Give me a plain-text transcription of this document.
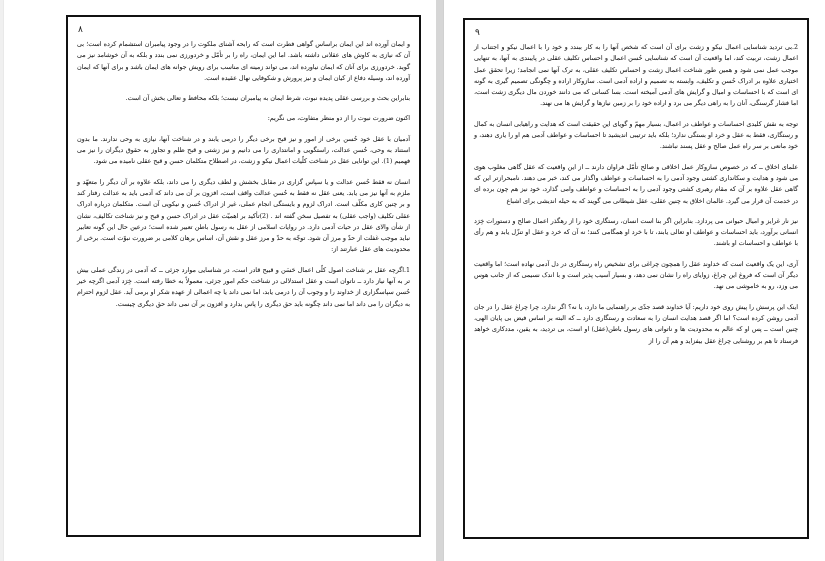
۸

و ایمان آورده اند این ایمان براساس گواهی فطرت است که رابحه آشنای ملکوت را در وجود پیامبران استشمام کرده است؛ بی آن که نیازی به کاوش های عقلانی داشته باشد. اما این ایمان، راه را بر تأمّل و خردورزی نمی بندد و بلکه به آن خوشامد نیز می گوید. خردورزی برای آنان که ایمان نیاورده اند، می تواند زمینه ای مناسب برای رویش جوانه های ایمان باشد و برای آنها که ایمان آورده اند، وسیله دفاع از کیان ایمان و نیز پرورش و شکوفایی نهال عقیده است.

بنابراین بحث و بررسی عقلی پدیده نبوت، شرط ایمان به پیامبران نیست؛ بلکه محافظ و تعالی بخش آن است.

اکنون ضرورت نبوت را از دو منظر متفاوت، می نگریم:

آدمیان با عقل خود حُسن برخی از امور و نیز قبح برخی دیگر را درمی یابند و در شناخت آنها، نیازی به وحی ندارند. ما بدون استناد به وحی، حُسن عدالت، راستگویی و امانتداری را می دانیم و نیز زشتی و قبح ظلم و تجاوز به حقوق دیگران را نیز می فهمیم (1). این توانایی عقل در شناخت کلّیات اعمال نیکو و زشت، در اصطلاح متکلمان حسن و قبح عقلی نامیده می شود.

انسان نه فقط حُسن عدالت و یا سپاس گزاری در مقابل بخشش و لطف دیگری را می داند، بلکه علاوه بر آن دیگر را متعهّد و ملزم به آنها نیز می یابد. یعنی عقل نه فقط به حُسن عدالت واقف است، افزون بر آن می داند که آدمی باید به عدالت رفتار کند و بر چنین کاری مکلّف است. ادراک لزوم و بایستگی انجام عملی، غیر از ادراک حُسن و نیکویی آن است. متکلمان درباره ادراک عقلی تکلیف (واجب عقلی) به تفصیل سخن گفته اند . (2)تأکید بر اهمیّت عقل در ادراک حسن و قبح و نیز شناخت تکالیف، نشان از شأن والای عقل در حیات آدمی دارد. در روایات اسلامی از عقل به رسول باطن تعبیر شده است؛ درعین حال این گونه تعابیر نباید موجب غفلت از حدّ و مرز آن شود. توجّه به حدّ و مرز عقل و نقش آن، اساس برهان کلامی بر ضرورت نبوّت است. برخی از محدودیت های عقل عبارتند از:

1.اگرچه عقل بر شناخت اصول کلّی اعمال حَسَن و قبیح قادر است، در شناسایی موارد جزئی ــ که آدمی در زندگی عملی بیش تر به آنها نیاز دارد ــ ناتوان است و عقل استدلالی در شناخت حکم امور جزئی، معمولاً به خطا رفته است. خِرَد آدمی اگرچه خیر حُسن سپاسگزاری از خداوند را و وجوب آن را درمی یابد، اما نمی داند یا چه اعمالی از عهده شکر او برمی آید. عقل لزوم احترام به دیگران را می داند اما نمی داند چگونه باید حق دیگری را پاس بدارد و افزون بر آن نمی داند حق دیگری چیست.

۹

2.بی تردید شناسایی اعمال نیکو و زشت برای آن است که شخص آنها را به کار ببندد و خود را با اعمال نیکو و اجتناب از اعمال زشت، تربیت کند، اما واقعیت آن است که شناسایی حُسن اعمال و احساس تکلیف عقلی در پایبندی به آنها، به تنهایی موجب عمل نمی شود و همین طور شناخت اعمال زشت و احساس تکلیف عقلی، به ترک آنها نمی انجامد؛ زیرا تحقق عمل اختیاری علاوه بر ادراک حُسن و تکلیف، وابسته به تصمیم و اراده آدمی است. سازوکار اراده و چگونگی تصمیم گیری به گونه ای است که با احساسات و امیال و گرایش های آدمی آمیخته است. بسا کسانی که می دانند خوردن مال دیگری زشت است، اما فشار گرسنگی، آنان را به راهی دیگر می برد و اراده خود را بر زمین نیازها و گرایش ها می نهند.

توجه به نقش کلیدی احساسات و عواطف در اعمال، بسیار مهمّ و گویای این حقیقت است که هدایت و راهیابی انسان به کمال و رستگاری، فقط به عقل و خرد او بستگی ندارد؛ بلکه باید ترتیبی اندیشید تا احساسات و عواطف آدمی هم او را یاری دهند، و خود مانعی بر سر راه عمل صالح و عقل پسند نباشند.

علمای اخلاق ــ که در خصوص سازوکار عمل اخلاقی و صالح تأمّل فراوان دارند ــ از این واقعیت که عقل گاهی مغلوب هوی می شود و هدایت و سکانداری کشتی وجود آدمی را به احساسات و عواطف واگذار می کند، خبر می دهند. نامبحرازتر این که گاهی عقل علاوه بر آن که مقام رهبری کشتی وجود آدمی را به احساسات و عواطف وامی گذارد، خود نیز هم چون برده ای در خدمت آن قرار می گیرد. عالمان اخلاق به چنین عقلی، عقل شیطانی می گویند که به حیله اندیشی برای اشباع

نیز نار غرایز و امیال حیوانی می پردازد. بنابراین اگر بنا است انسان، رستگاری خود را از رهگذر اعمال صالح و دستورات خِرَد انسانی برآورد، باید احساسات و عواطف او تعالی یابند، تا با خرد او همگامی کنند؛ نه آن که خرد و عقل او تنزّل یابد و هم رأی با عواطف و احساسات او باشند.

آری، این یک واقعیت است که خداوند عقل را همچون چراغی برای تشخیص راه رستگاری در دل آدمی نهاده است؛ اما واقعیت دیگر آن است که فروغ این چراغ، زوایای راه را نشان نمی دهد، و بسیار آسیب پذیر است و با اندک نسیمی که از جانب هوس می وزد، رو به خاموشی می نهد.

اینک این پرسش را پیش روی خود داریم: آیا خداوند قصد جدّی بر راهنمایی ما دارد، یا نه؟ اگر ندارد، چرا چراغ عقل را در جان آدمی روشن کرده است؟ اما اگر قصد هدایت انسان را به سعادت و رستگاری دارد ــ که البته بر اساس فیض بی پایان الهی، چنین است ــ پس او که عالم به محدودیت ها و ناتوانی های رسول باطن(عقل) او است، بی تردید، به یقین، مددکاری خواهد فرستاد تا هم بر روشنایی چراغ عقل بیفزاید و هم آن را از
